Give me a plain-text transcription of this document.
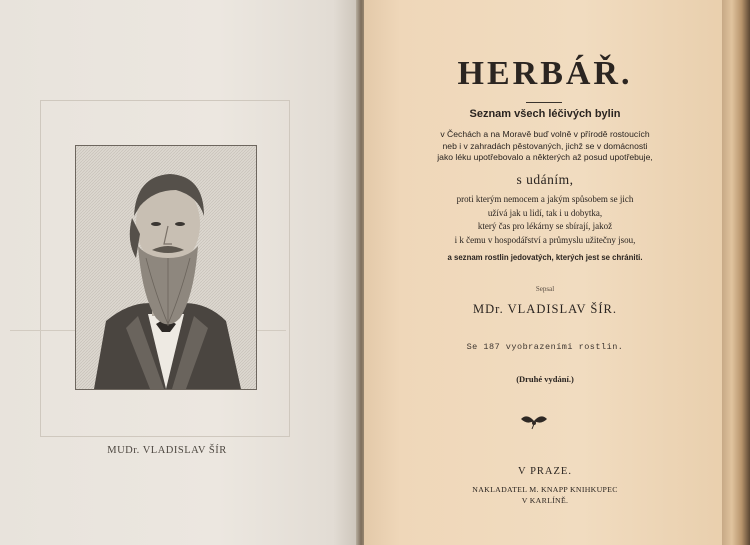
MUDr. VLADISLAV ŠÍR
HERBÁŘ.
Seznam všech léčivých bylin
v Čechách a na Moravě buď volně v přírodě rostoucích
neb i v zahradách pěstovaných, jichž se v domácnosti
jako léku upotřebovalo a některých až posud upotřebuje,
s udáním,
proti kterým nemocem a jakým spůsobem se jich
užívá jak u lidí, tak i u dobytka,
který čas pro lékárny se sbírají, jakož
i k čemu v hospodářství a průmyslu užitečny jsou,
a seznam rostlin jedovatých, kterých jest se chrániti.
Sepsal
MDr. VLADISLAV ŠÍR.
Se 187 vyobrazeními rostlin.
(Druhé vydání.)
V PRAZE.
NAKLADATEL M. KNAPP KNIHKUPEC
V KARLÍNĚ.
